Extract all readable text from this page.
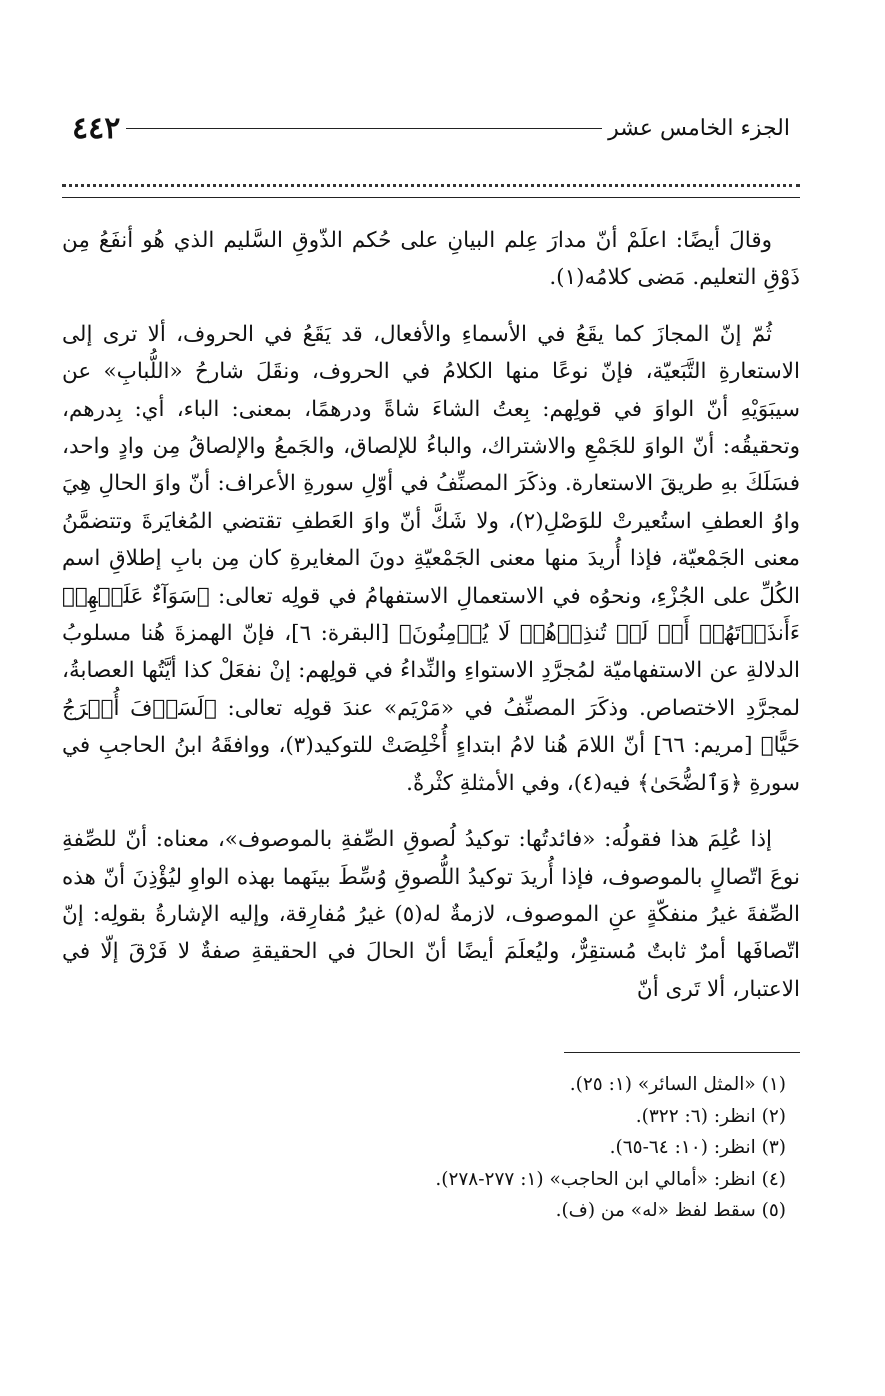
الجزء الخامس عشر
٤٤٢

وقالَ أيضًا: اعلَمْ أنّ مدارَ عِلم البيانِ على حُكم الذّوقِ السَّليم الذي هُو أنفَعُ مِن ذَوْقِ التعليم. مَضى كلامُه(١).

ثُمّ إنّ المجازَ كما يقَعُ في الأسماءِ والأفعال، قد يَقَعُ في الحروف، ألا ترى إلى الاستعارةِ التَّبَعيّة، فإنّ نوعًا منها الكلامُ في الحروف، ونقَلَ شارحُ «اللُّبابِ» عن سيبَوَيْهِ أنّ الواوَ في قولِهم: بِعتُ الشاءَ شاةً ودرهمًا، بمعنى: الباء، أي: بِدرهم، وتحقيقُه: أنّ الواوَ للجَمْعِ والاشتراك، والباءُ للإلصاق، والجَمعُ والإلصاقُ مِن وادٍ واحد، فسَلَكَ بهِ طريقَ الاستعارة. وذكَرَ المصنِّفُ في أوّلِ سورةِ الأعراف: أنّ واوَ الحالِ هِيَ واوُ العطفِ استُعيرتْ للوَصْلِ(٢)، ولا شَكَّ أنّ واوَ العَطفِ تقتضي المُغايَرةَ وتتضمَّنُ معنى الجَمْعيّة، فإذا أُريدَ منها معنى الجَمْعيّةِ دونَ المغايرةِ كان مِن بابِ إطلاقِ اسم الكُلِّ على الجُزْءِ، ونحوُه في الاستعمالِ الاستفهامُ في قولِه تعالى: ﴿سَوَآءٌ عَلَيۡهِمۡ ءَأَنذَرۡتَهُمۡ أَمۡ لَمۡ تُنذِرۡهُمۡ لَا يُؤۡمِنُونَ﴾ [البقرة: ٦]، فإنّ الهمزةَ هُنا مسلوبُ الدلالةِ عن الاستفهاميّة لمُجرَّدِ الاستواءِ والنِّداءُ في قولِهم: إنْ نفعَلْ كذا أيَّتُها العصابةُ، لمجرَّدِ الاختصاص. وذكَرَ المصنِّفُ في «مَرْيَم» عندَ قولِه تعالى: ﴿لَسَوۡفَ أُخۡرَجُ حَيًّا﴾ [مريم: ٦٦] أنّ اللامَ هُنا لامُ ابتداءٍ أُخْلِصَتْ للتوكيد(٣)، ووافقَهُ ابنُ الحاجبِ في سورةِ ﴿وَٱلضُّحَىٰ﴾ فيه(٤)، وفي الأمثلةِ كثْرةٌ.

إذا عُلِمَ هذا فقولُه: «فائدتُها: توكيدُ لُصوقِ الصِّفةِ بالموصوف»، معناه: أنّ للصِّفةِ نوعَ اتّصالٍ بالموصوف، فإذا أُريدَ توكيدُ اللُّصوقِ وُسِّطَ بينَهما بهذه الواوِ ليُؤْذِنَ أنّ هذه الصِّفةَ غيرُ منفكّةٍ عنِ الموصوف، لازمةٌ له(٥) غيرُ مُفارِقة، وإليه الإشارةُ بقولِه: إنّ اتّصافَها أمرٌ ثابتٌ مُستقِرٌّ، وليُعلَمَ أيضًا أنّ الحالَ في الحقيقةِ صفةٌ لا فَرْقَ إلّا في الاعتبار، ألا تَرى أنّ

(١) «المثل السائر» (١: ٢٥).

(٢) انظر: (٦: ٣٢٢).

(٣) انظر: (١٠: ٦٤-٦٥).

(٤) انظر: «أمالي ابن الحاجب» (١: ٢٧٧-٢٧٨).

(٥) سقط لفظ «له» من (ف).
